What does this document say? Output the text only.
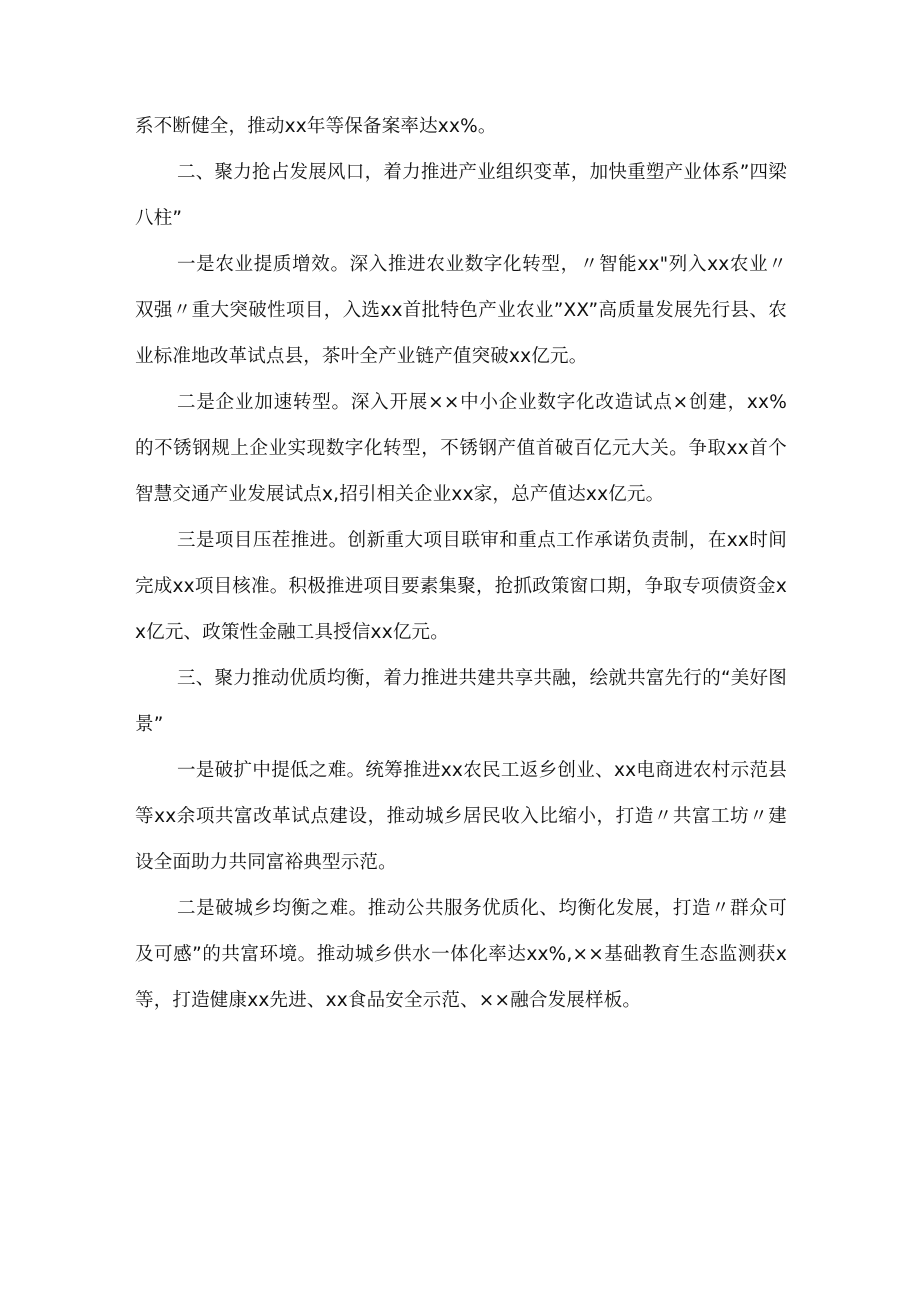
系不断健全，推动xx年等保备案率达xx%。

二、聚力抢占发展风口，着力推进产业组织变革，加快重塑产业体系”四梁八柱”

一是农业提质增效。深入推进农业数字化转型，〃智能xx"列入xx农业〃双强〃重大突破性项目，入选xx首批特色产业农业”XX”高质量发展先行县、农业标准地改革试点县，茶叶全产业链产值突破xx亿元。

二是企业加速转型。深入开展××中小企业数字化改造试点×创建，xx%的不锈钢规上企业实现数字化转型，不锈钢产值首破百亿元大关。争取xx首个智慧交通产业发展试点x,招引相关企业xx家，总产值达xx亿元。

三是项目压茬推进。创新重大项目联审和重点工作承诺负责制，在xx时间完成xx项目核准。积极推进项目要素集聚，抢抓政策窗口期，争取专项债资金xx亿元、政策性金融工具授信xx亿元。

三、聚力推动优质均衡，着力推进共建共享共融，绘就共富先行的“美好图景”

一是破扩中提低之难。统筹推进xx农民工返乡创业、xx电商进农村示范县等xx余项共富改革试点建设，推动城乡居民收入比缩小，打造〃共富工坊〃建设全面助力共同富裕典型示范。

二是破城乡均衡之难。推动公共服务优质化、均衡化发展，打造〃群众可及可感”的共富环境。推动城乡供水一体化率达xx%,××基础教育生态监测获x等，打造健康xx先进、xx食品安全示范、××融合发展样板。
